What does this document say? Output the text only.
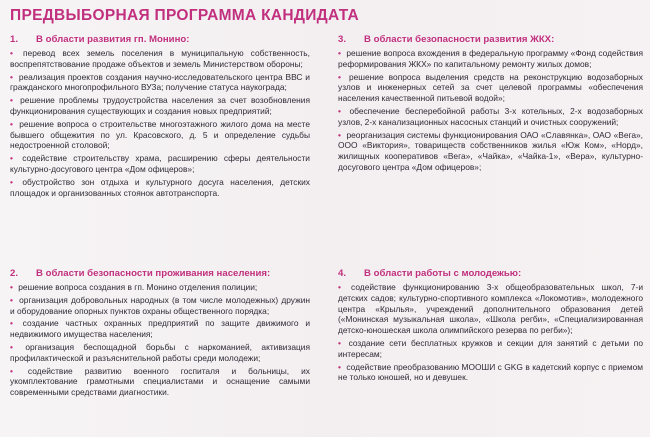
ПРЕДВЫБОРНАЯ ПРОГРАММА КАНДИДАТА
1. В области развития гп. Монино:
• перевод всех земель поселения в муниципальную собственность, воспрепятствование продаже объектов и земель Министерством обороны;
• реализация проектов создания научно-исследовательского центра ВВС и гражданского многопрофильного ВУЗа; получение статуса наукограда;
• решение проблемы трудоустройства населения за счет возобновления функционирования существующих и создания новых предприятий;
• решение вопроса о строительстве многоэтажного жилого дома на месте бывшего общежития по ул. Красовского, д. 5 и определение судьбы недостроенной столовой;
• содействие строительству храма, расширению сферы деятельности культурно-досугового центра «Дом офицеров»;
• обустройство зон отдыха и культурного досуга населения, детских площадок и организованных стоянок автотранспорта.
2. В области безопасности проживания населения:
• решение вопроса создания в гп. Монино отделения полиции;
• организация добровольных народных (в том числе молодежных) дружин и оборудование опорных пунктов охраны общественного порядка;
• создание частных охранных предприятий по защите движимого и недвижимого имущества населения;
• организация беспощадной борьбы с наркоманией, активизация профилактической и разъяснительной работы среди молодежи;
• содействие развитию военного госпиталя и больницы, их укомплектование грамотными специалистами и оснащение самыми современными средствами диагностики.
3. В области безопасности развития ЖКХ:
• решение вопроса вхождения в федеральную программу «Фонд содействия реформирования ЖКХ» по капитальному ремонту жилых домов;
• решение вопроса выделения средств на реконструкцию водозаборных узлов и инженерных сетей за счет целевой программы «обеспечения населения качественной питьевой водой»;
• обеспечение бесперебойной работы 3-х котельных, 2-х водозаборных узлов, 2-х канализационных насосных станций и очистных сооружений;
• реорганизация системы функционирования ОАО «Славянка», ОАО «Вега», ООО «Виктория», товариществ собственников жилья «Юж Ком», «Норд», жилищных кооперативов «Вега», «Чайка», «Чайка-1», «Вера», культурно-досугового центра «Дом офицеров»;
4. В области работы с молодежью:
• содействие функционированию 3-х общеобразовательных школ, 7-и детских садов; культурно-спортивного комплекса «Локомотив», молодежного центра «Крылья», учреждений дополнительного образования детей («Монинская музыкальная школа», «Школа регби», «Специализированная детско-юношеская школа олимпийского резерва по регби»);
• создание сети бесплатных кружков и секции для занятий с детьми по интересам;
• содействие преобразованию МООШИ с GKG в кадетский корпус с приемом не только юношей, но и девушек.
